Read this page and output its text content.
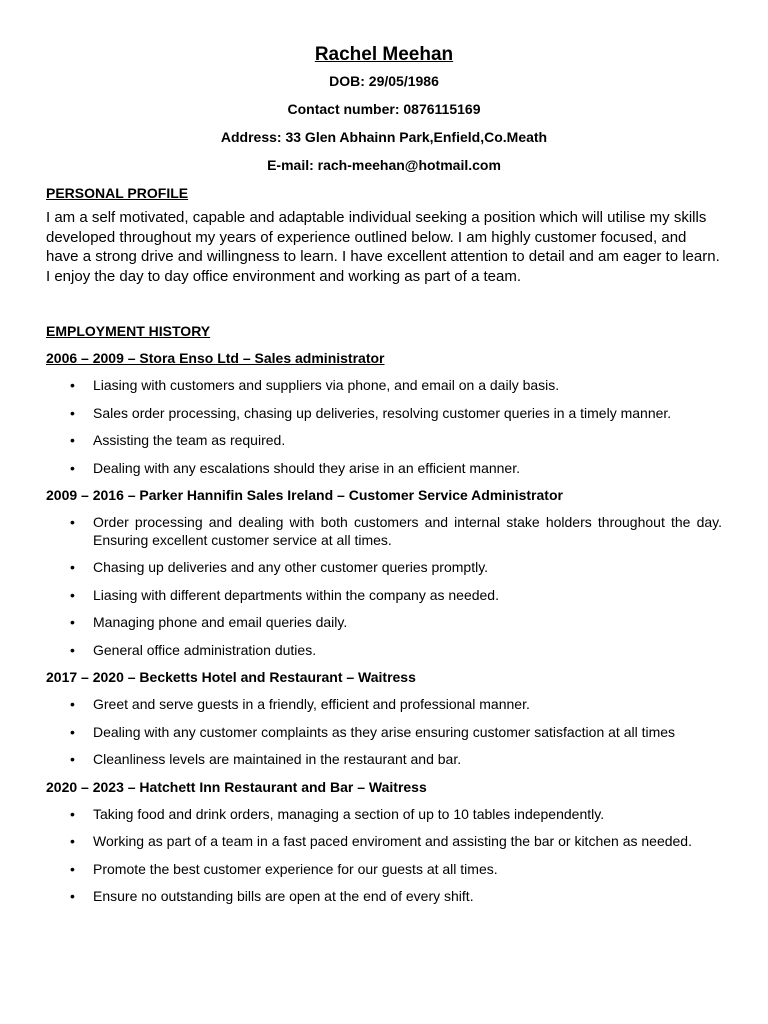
Rachel Meehan
DOB: 29/05/1986
Contact number: 0876115169
Address: 33 Glen Abhainn Park,Enfield,Co.Meath
E-mail: rach-meehan@hotmail.com
PERSONAL PROFILE
I am a self motivated, capable and adaptable individual seeking a position which will utilise my skills developed throughout my years of experience outlined below. I am highly customer focused, and have a strong drive and willingness to learn. I have excellent attention to detail and am eager to learn. I enjoy the day to day office environment and working as part of a team.
EMPLOYMENT HISTORY
2006 – 2009 – Stora Enso Ltd – Sales administrator
• Liasing with customers and suppliers via phone, and email on a daily basis.
• Sales order processing, chasing up deliveries, resolving customer queries in a timely manner.
• Assisting the team as required.
• Dealing with any escalations should they arise in an efficient manner.
2009 – 2016 – Parker Hannifin Sales Ireland – Customer Service Administrator
• Order processing and dealing with both customers and internal stake holders throughout the day. Ensuring excellent customer service at all times.
• Chasing up deliveries and any other customer queries promptly.
• Liasing with different departments within the company as needed.
• Managing phone and email queries daily.
• General office administration duties.
2017 – 2020 – Becketts Hotel and Restaurant – Waitress
• Greet and serve guests in a friendly, efficient and professional manner.
• Dealing with any customer complaints as they arise ensuring customer satisfaction at all times
• Cleanliness levels are maintained in the restaurant and bar.
2020 – 2023 – Hatchett Inn Restaurant and Bar – Waitress
• Taking food and drink orders, managing a section of up to 10 tables independently.
• Working as part of a team in a fast paced enviroment and assisting the bar or kitchen as needed.
• Promote the best customer experience for our guests at all times.
• Ensure no outstanding bills are open at the end of every shift.
